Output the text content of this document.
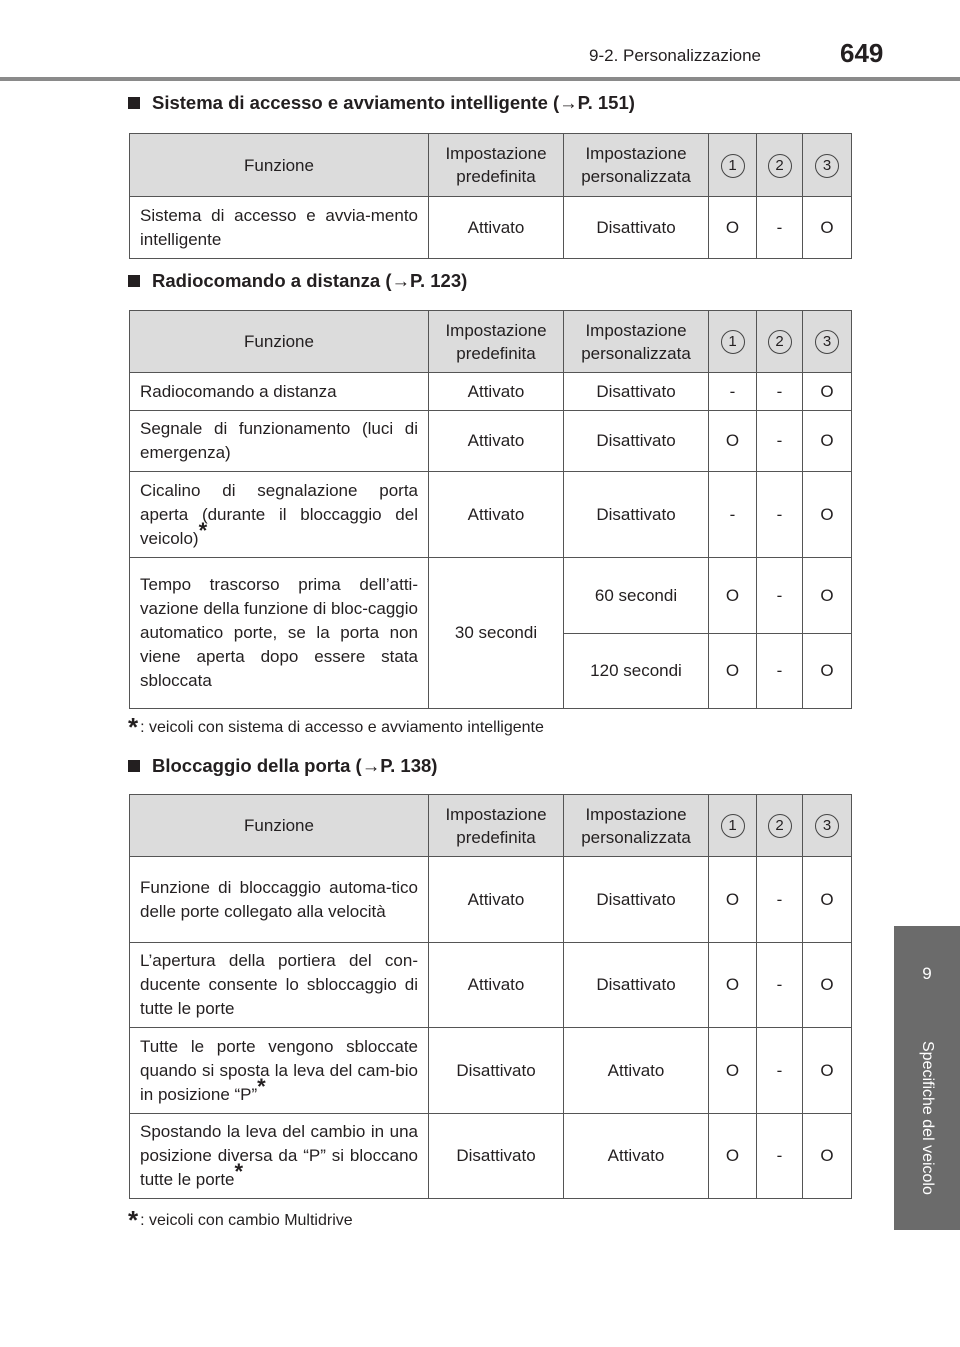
9-2. Personalizzazione	649
9
Specifiche del veicolo
Sistema di accesso e avviamento intelligente (→P. 151)
Funzione	Impostazione predefinita	Impostazione personalizzata	1	2	3
Sistema di accesso e avvia-mento intelligente	Attivato	Disattivato	O	-	O
Radiocomando a distanza (→P. 123)
Funzione	Impostazione predefinita	Impostazione personalizzata	1	2	3
Radiocomando a distanza	Attivato	Disattivato	-	-	O
Segnale di funzionamento (luci di emergenza)	Attivato	Disattivato	O	-	O
Cicalino di segnalazione porta aperta (durante il bloccaggio del veicolo)*	Attivato	Disattivato	-	-	O
Tempo trascorso prima dell’atti-vazione della funzione di bloc-caggio automatico porte, se la porta non viene aperta dopo essere stata sbloccata	30 secondi	60 secondi	O	-	O
		120 secondi	O	-	O
* : veicoli con sistema di accesso e avviamento intelligente
Bloccaggio della porta (→P. 138)
Funzione	Impostazione predefinita	Impostazione personalizzata	1	2	3
Funzione di bloccaggio automa-tico delle porte collegato alla velocità	Attivato	Disattivato	O	-	O
L’apertura della portiera del con-ducente consente lo sbloccaggio di tutte le porte	Attivato	Disattivato	O	-	O
Tutte le porte vengono sbloccate quando si sposta la leva del cam-bio in posizione “P”*	Disattivato	Attivato	O	-	O
Spostando la leva del cambio in una posizione diversa da “P” si bloccano tutte le porte*	Disattivato	Attivato	O	-	O
* : veicoli con cambio Multidrive
